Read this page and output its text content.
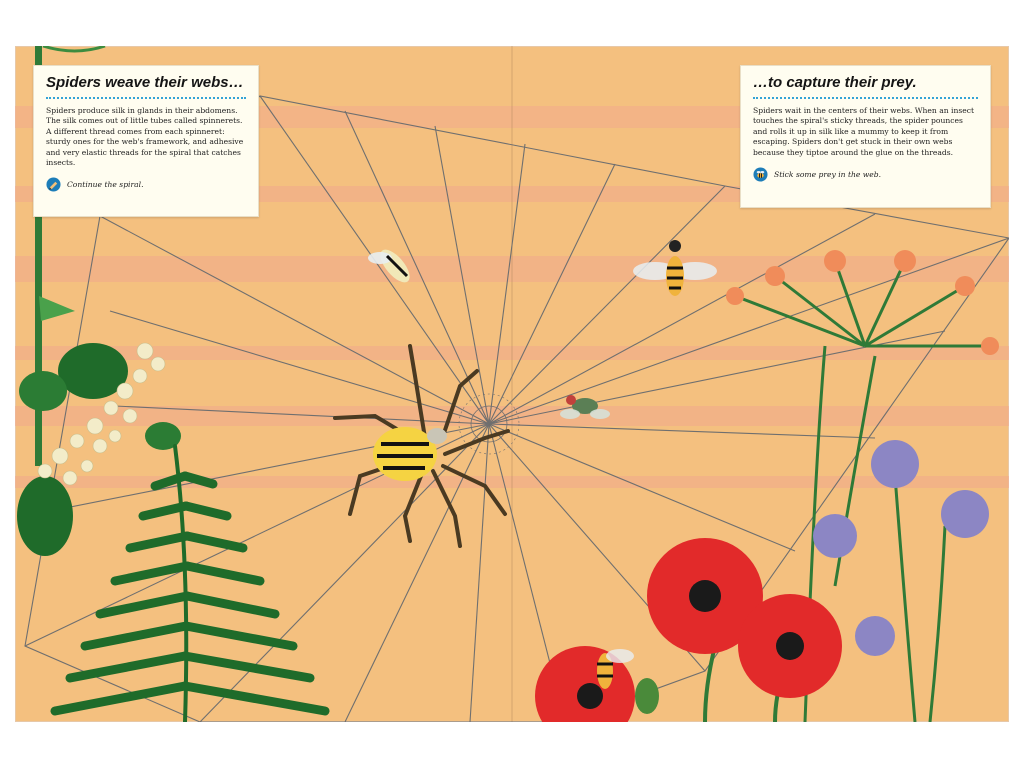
Spiders weave their webs…

Spiders produce silk in glands in their abdomens. The silk comes out of little tubes called spinnerets. A different thread comes from each spinneret: sturdy ones for the web's framework, and adhesive and very elastic threads for the spiral that catches insects.

Continue the spiral.
…to capture their prey.

Spiders wait in the centers of their webs. When an insect touches the spiral's sticky threads, the spider pounces and rolls it up in silk like a mummy to keep it from escaping. Spiders don't get stuck in their own webs because they tiptoe around the glue on the threads.

Stick some prey in the web.
